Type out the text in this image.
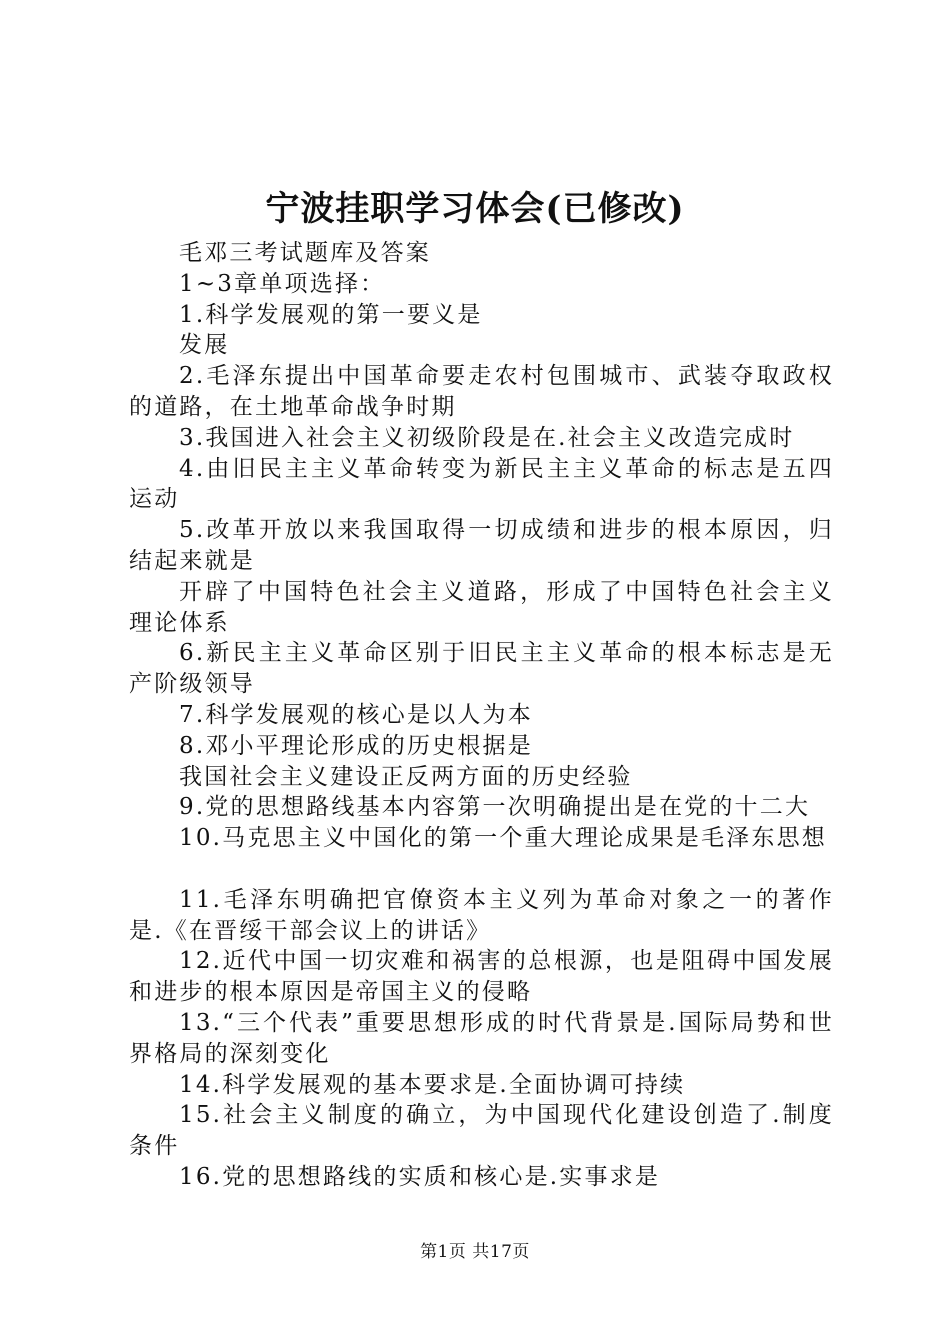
宁波挂职学习体会(已修改)

毛邓三考试题库及答案

1~3章单项选择：

1.科学发展观的第一要义是

发展

2.毛泽东提出中国革命要走农村包围城市、武装夺取政权的道路，在土地革命战争时期

3.我国进入社会主义初级阶段是在.社会主义改造完成时

4.由旧民主主义革命转变为新民主主义革命的标志是五四运动

5.改革开放以来我国取得一切成绩和进步的根本原因，归结起来就是

开辟了中国特色社会主义道路，形成了中国特色社会主义理论体系

6.新民主主义革命区别于旧民主主义革命的根本标志是无产阶级领导

7.科学发展观的核心是以人为本

8.邓小平理论形成的历史根据是

我国社会主义建设正反两方面的历史经验

9.党的思想路线基本内容第一次明确提出是在党的十二大

10.马克思主义中国化的第一个重大理论成果是毛泽东思想

11.毛泽东明确把官僚资本主义列为革命对象之一的著作是.《在晋绥干部会议上的讲话》

12.近代中国一切灾难和祸害的总根源，也是阻碍中国发展和进步的根本原因是帝国主义的侵略

13.“三个代表”重要思想形成的时代背景是.国际局势和世界格局的深刻变化

14.科学发展观的基本要求是.全面协调可持续

15.社会主义制度的确立，为中国现代化建设创造了.制度条件

16.党的思想路线的实质和核心是.实事求是

第1页 共17页
